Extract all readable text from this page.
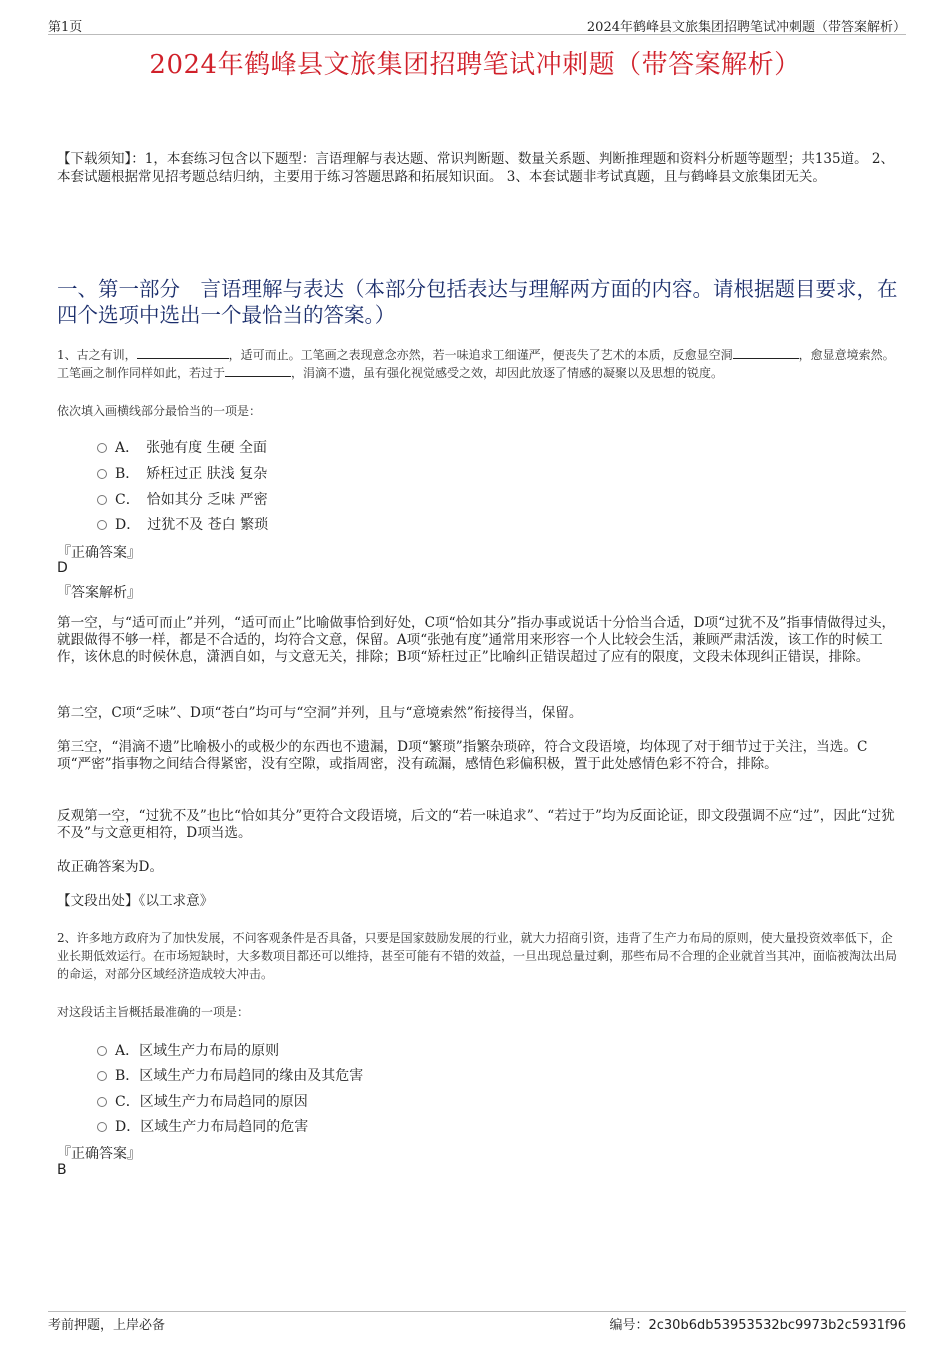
第1页	2024年鹤峰县文旅集团招聘笔试冲刺题（带答案解析）
2024年鹤峰县文旅集团招聘笔试冲刺题（带答案解析）
【下载须知】：1，本套练习包含以下题型：言语理解与表达题、常识判断题、数量关系题、判断推理题和资料分析题等题型；共135道。 2、本套试题根据常见招考题总结归纳，主要用于练习答题思路和拓展知识面。 3、本套试题非考试真题，且与鹤峰县文旅集团无关。
一、第一部分　言语理解与表达（本部分包括表达与理解两方面的内容。请根据题目要求，在四个选项中选出一个最恰当的答案。）
1、古之有训，	，适可而止。工笔画之表现意念亦然，若一味追求工细谨严，便丧失了艺术的本质，反愈显空洞	，愈显意境索然。工笔画之制作同样如此，若过于	，涓滴不遗，虽有强化视觉感受之效，却因此放逐了情感的凝聚以及思想的锐度。
依次填入画横线部分最恰当的一项是：
A．　张弛有度 生硬 全面
B．　矫枉过正 肤浅 复杂
C．　恰如其分 乏味 严密
D．　过犹不及 苍白 繁琐
『正确答案』
D
『答案解析』
第一空，与“适可而止”并列，“适可而止”比喻做事恰到好处，C项“恰如其分”指办事或说话十分恰当合适，D项“过犹不及”指事情做得过头，就跟做得不够一样，都是不合适的，均符合文意，保留。A项“张弛有度”通常用来形容一个人比较会生活，兼顾严肃活泼，该工作的时候工作，该休息的时候休息，潇洒自如，与文意无关，排除；B项“矫枉过正”比喻纠正错误超过了应有的限度，文段未体现纠正错误，排除。
第二空，C项“乏味”、D项“苍白”均可与“空洞”并列，且与“意境索然”衔接得当，保留。
第三空，“涓滴不遗”比喻极小的或极少的东西也不遗漏，D项“繁琐”指繁杂琐碎，符合文段语境，均体现了对于细节过于关注，当选。C项“严密”指事物之间结合得紧密，没有空隙，或指周密，没有疏漏，感情色彩偏积极，置于此处感情色彩不符合，排除。
反观第一空，“过犹不及”也比“恰如其分”更符合文段语境，后文的“若一味追求”、“若过于”均为反面论证，即文段强调不应“过”，因此“过犹不及”与文意更相符，D项当选。
故正确答案为D。
【文段出处】《以工求意》
2、许多地方政府为了加快发展，不问客观条件是否具备，只要是国家鼓励发展的行业，就大力招商引资，违背了生产力布局的原则，使大量投资效率低下，企业长期低效运行。在市场短缺时，大多数项目都还可以维持，甚至可能有不错的效益，一旦出现总量过剩，那些布局不合理的企业就首当其冲，面临被淘汰出局的命运，对部分区域经济造成较大冲击。
对这段话主旨概括最准确的一项是：
A．区域生产力布局的原则
B．区域生产力布局趋同的缘由及其危害
C．区域生产力布局趋同的原因
D．区域生产力布局趋同的危害
『正确答案』
B
考前押题，上岸必备	编号：2c30b6db53953532bc9973b2c5931f96
